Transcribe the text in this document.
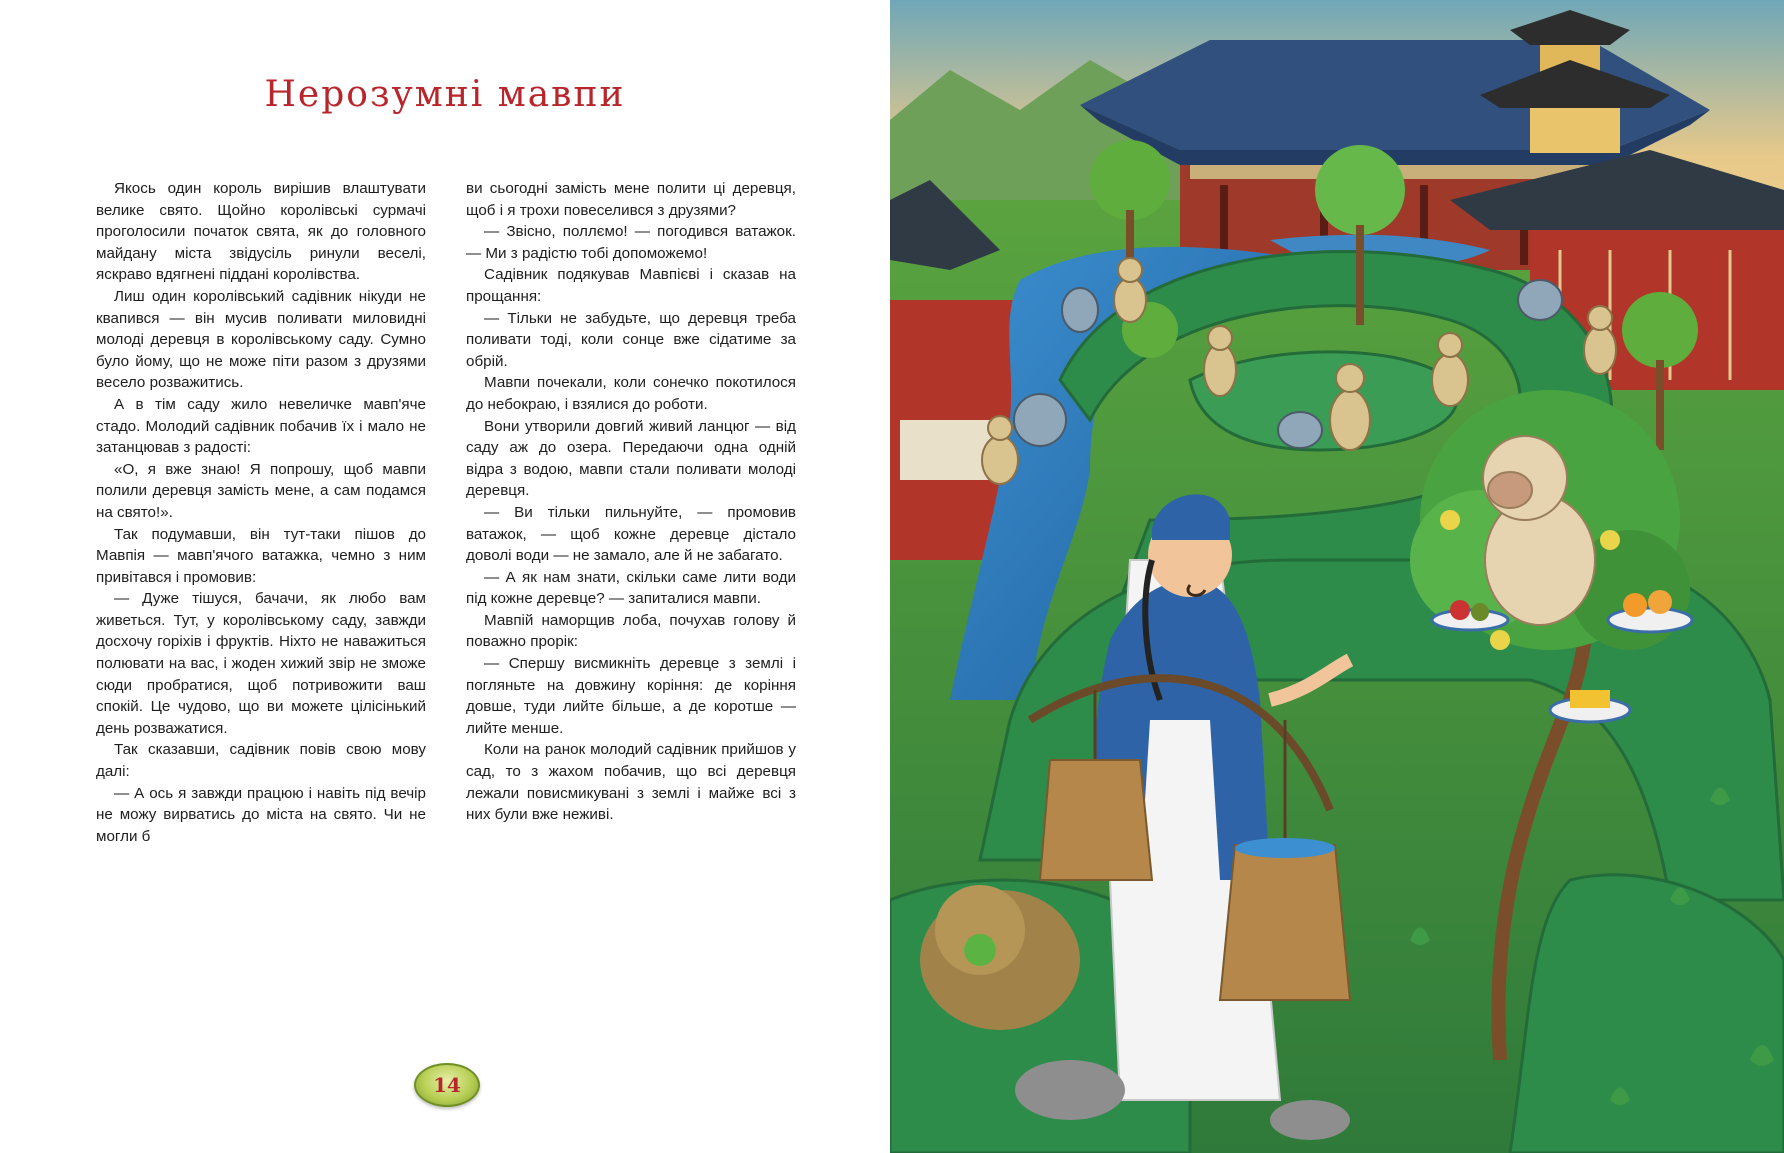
Нерозумні мавпи

Якось один король вирішив влаштувати велике свято. Щойно королівські сурмачі проголосили початок свята, як до головного майдану міста звідусіль ринули веселі, яскраво вдягнені піддані королівства.

Лиш один королівський садівник нікуди не квапився — він мусив поливати миловидні молоді деревця в королівському саду. Сумно було йому, що не може піти разом з друзями весело розважитись.

А в тім саду жило невеличке мавп'яче стадо. Молодий садівник побачив їх і мало не затанцював з радості:

«О, я вже знаю! Я попрошу, щоб мавпи полили деревця замість мене, а сам подамся на свято!».

Так подумавши, він тут-таки пішов до Мавпія — мавп'ячого ватажка, чемно з ним привітався і промовив:

— Дуже тішуся, бачачи, як любо вам живеться. Тут, у королівському саду, завжди досхочу горіхів і фруктів. Ніхто не наважиться полювати на вас, і жоден хижий звір не зможе сюди пробратися, щоб потривожити ваш спокій. Це чудово, що ви можете цілісінький день розважатися.

Так сказавши, садівник повів свою мову далі:

— А ось я завжди працюю і навіть під вечір не можу вирватись до міста на свято. Чи не могли б

ви сьогодні замість мене полити ці деревця, щоб і я трохи повеселився з друзями?

— Звісно, поллємо! — погодився ватажок. — Ми з радістю тобі допоможемо!

Садівник подякував Мавпієві і сказав на прощання:

— Тільки не забудьте, що деревця треба поливати тоді, коли сонце вже сідатиме за обрій.

Мавпи почекали, коли сонечко покотилося до небокраю, і взялися до роботи.

Вони утворили довгий живий ланцюг — від саду аж до озера. Передаючи одна одній відра з водою, мавпи стали поливати молоді деревця.

— Ви тільки пильнуйте, — промовив ватажок, — щоб кожне деревце дістало доволі води — не замало, але й не забагато.

— А як нам знати, скільки саме лити води під кожне деревце? — запиталися мавпи.

Мавпій наморщив лоба, почухав голову й поважно прорік:

— Спершу висмикніть деревце з землі і погляньте на довжину коріння: де коріння довше, туди лийте більше, а де коротше — лийте менше.

Коли на ранок молодий садівник прийшов у сад, то з жахом побачив, що всі деревця лежали повисмикувані з землі і майже всі з них були вже неживі.

14
